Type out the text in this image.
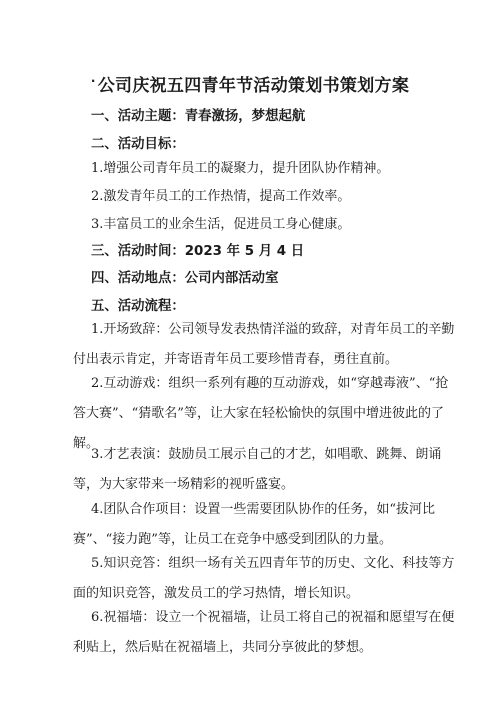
· 公司庆祝五四青年节活动策划书策划方案
一、活动主题：青春激扬，梦想起航
二、活动目标：
1.增强公司青年员工的凝聚力，提升团队协作精神。
2.激发青年员工的工作热情，提高工作效率。
3.丰富员工的业余生活，促进员工身心健康。
三、活动时间：2023 年 5 月 4 日
四、活动地点：公司内部活动室
五、活动流程：
1.开场致辞：公司领导发表热情洋溢的致辞，对青年员工的辛勤
付出表示肯定，并寄语青年员工要珍惜青春，勇往直前。
2.互动游戏：组织一系列有趣的互动游戏，如“穿越毒液”、“抢
答大赛”、“猜歌名”等，让大家在轻松愉快的氛围中增进彼此的了
解。
3.才艺表演：鼓励员工展示自己的才艺，如唱歌、跳舞、朗诵
等，为大家带来一场精彩的视听盛宴。
4.团队合作项目：设置一些需要团队协作的任务，如“拔河比
赛”、“接力跑”等，让员工在竞争中感受到团队的力量。
5.知识竞答：组织一场有关五四青年节的历史、文化、科技等方
面的知识竞答，激发员工的学习热情，增长知识。
6.祝福墙：设立一个祝福墙，让员工将自己的祝福和愿望写在便
利贴上，然后贴在祝福墙上，共同分享彼此的梦想。
